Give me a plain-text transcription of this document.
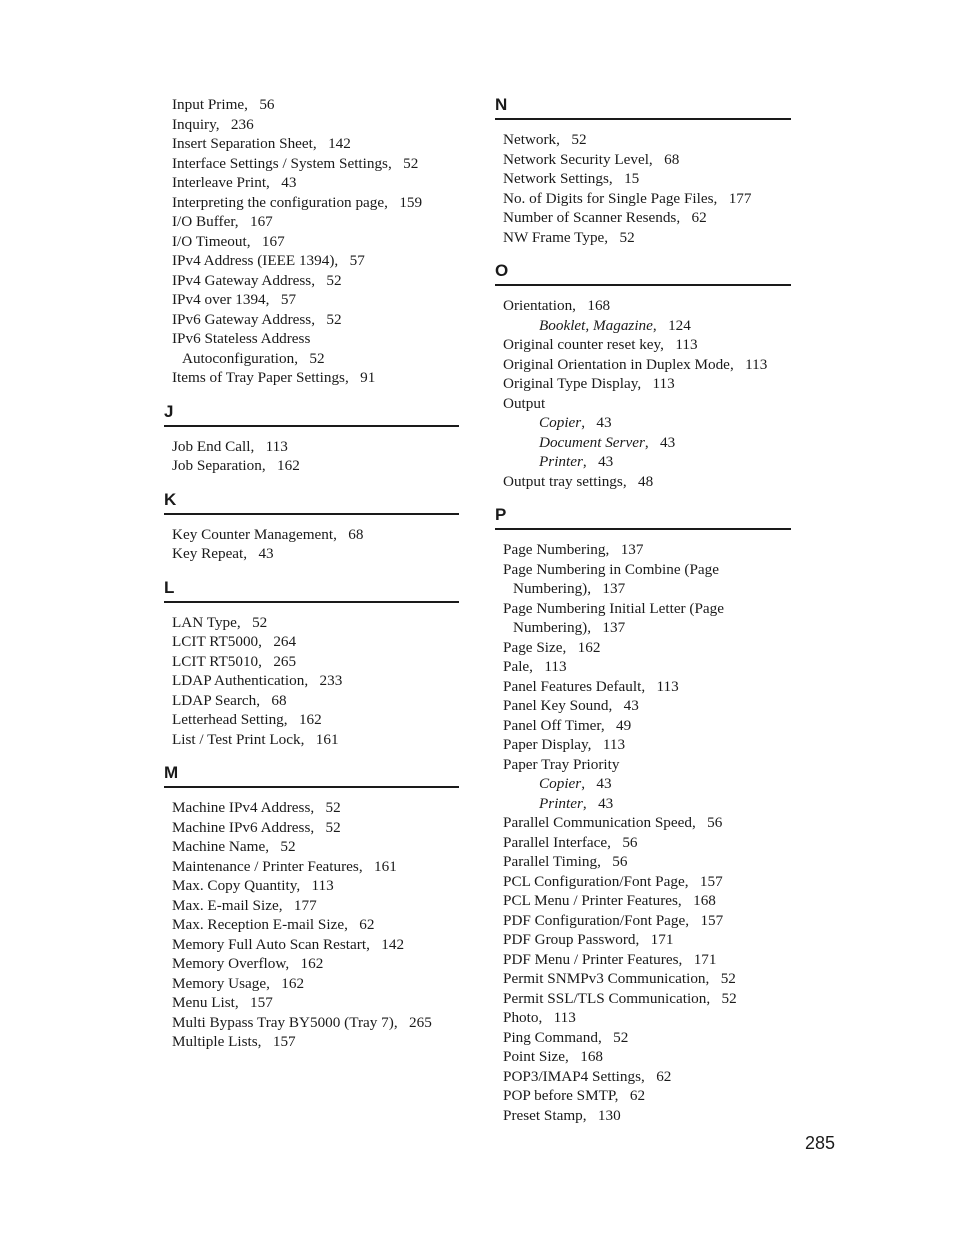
Input Prime,   56
Inquiry,   236
Insert Separation Sheet,   142
Interface Settings / System Settings,   52
Interleave Print,   43
Interpreting the configuration page,   159
I/O Buffer,   167
I/O Timeout,   167
IPv4 Address (IEEE 1394),   57
IPv4 Gateway Address,   52
IPv4 over 1394,   57
IPv6 Gateway Address,   52
IPv6 Stateless Address
Autoconfiguration,   52
Items of Tray Paper Settings,   91
J
Job End Call,   113
Job Separation,   162
K
Key Counter Management,   68
Key Repeat,   43
L
LAN Type,   52
LCIT RT5000,   264
LCIT RT5010,   265
LDAP Authentication,   233
LDAP Search,   68
Letterhead Setting,   162
List / Test Print Lock,   161
M
Machine IPv4 Address,   52
Machine IPv6 Address,   52
Machine Name,   52
Maintenance / Printer Features,   161
Max. Copy Quantity,   113
Max. E-mail Size,   177
Max. Reception E-mail Size,   62
Memory Full Auto Scan Restart,   142
Memory Overflow,   162
Memory Usage,   162
Menu List,   157
Multi Bypass Tray BY5000 (Tray 7),   265
Multiple Lists,   157
N
Network,   52
Network Security Level,   68
Network Settings,   15
No. of Digits for Single Page Files,   177
Number of Scanner Resends,   62
NW Frame Type,   52
O
Orientation,   168
Booklet, Magazine,   124
Original counter reset key,   113
Original Orientation in Duplex Mode,   113
Original Type Display,   113
Output
Copier,   43
Document Server,   43
Printer,   43
Output tray settings,   48
P
Page Numbering,   137
Page Numbering in Combine (Page
Numbering),   137
Page Numbering Initial Letter (Page
Numbering),   137
Page Size,   162
Pale,   113
Panel Features Default,   113
Panel Key Sound,   43
Panel Off Timer,   49
Paper Display,   113
Paper Tray Priority
Copier,   43
Printer,   43
Parallel Communication Speed,   56
Parallel Interface,   56
Parallel Timing,   56
PCL Configuration/Font Page,   157
PCL Menu / Printer Features,   168
PDF Configuration/Font Page,   157
PDF Group Password,   171
PDF Menu / Printer Features,   171
Permit SNMPv3 Communication,   52
Permit SSL/TLS Communication,   52
Photo,   113
Ping Command,   52
Point Size,   168
POP3/IMAP4 Settings,   62
POP before SMTP,   62
Preset Stamp,   130
285
